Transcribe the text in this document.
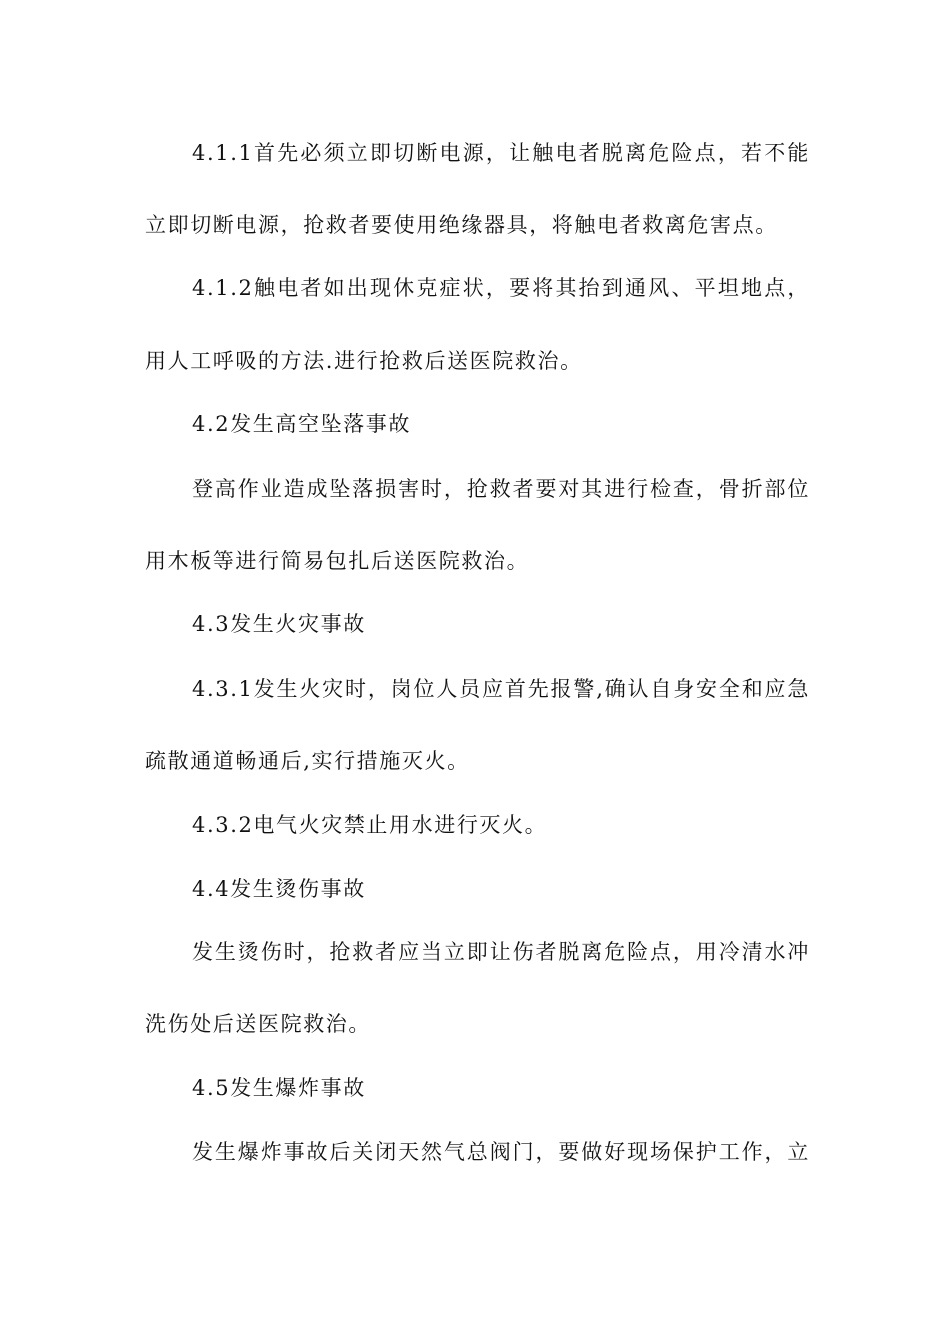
4.1.1首先必须立即切断电源，让触电者脱离危险点，若不能
立即切断电源，抢救者要使用绝缘器具，将触电者救离危害点。
4.1.2触电者如出现休克症状，要将其抬到通风、平坦地点，
用人工呼吸的方法.进行抢救后送医院救治。
4.2发生高空坠落事故
登高作业造成坠落损害时，抢救者要对其进行检查，骨折部位
用木板等进行简易包扎后送医院救治。
4.3发生火灾事故
4.3.1发生火灾时，岗位人员应首先报警,确认自身安全和应急
疏散通道畅通后,实行措施灭火。
4.3.2电气火灾禁止用水进行灭火。
4.4发生烫伤事故
发生烫伤时，抢救者应当立即让伤者脱离危险点，用冷清水冲
洗伤处后送医院救治。
4.5发生爆炸事故
发生爆炸事故后关闭天然气总阀门，要做好现场保护工作，立
